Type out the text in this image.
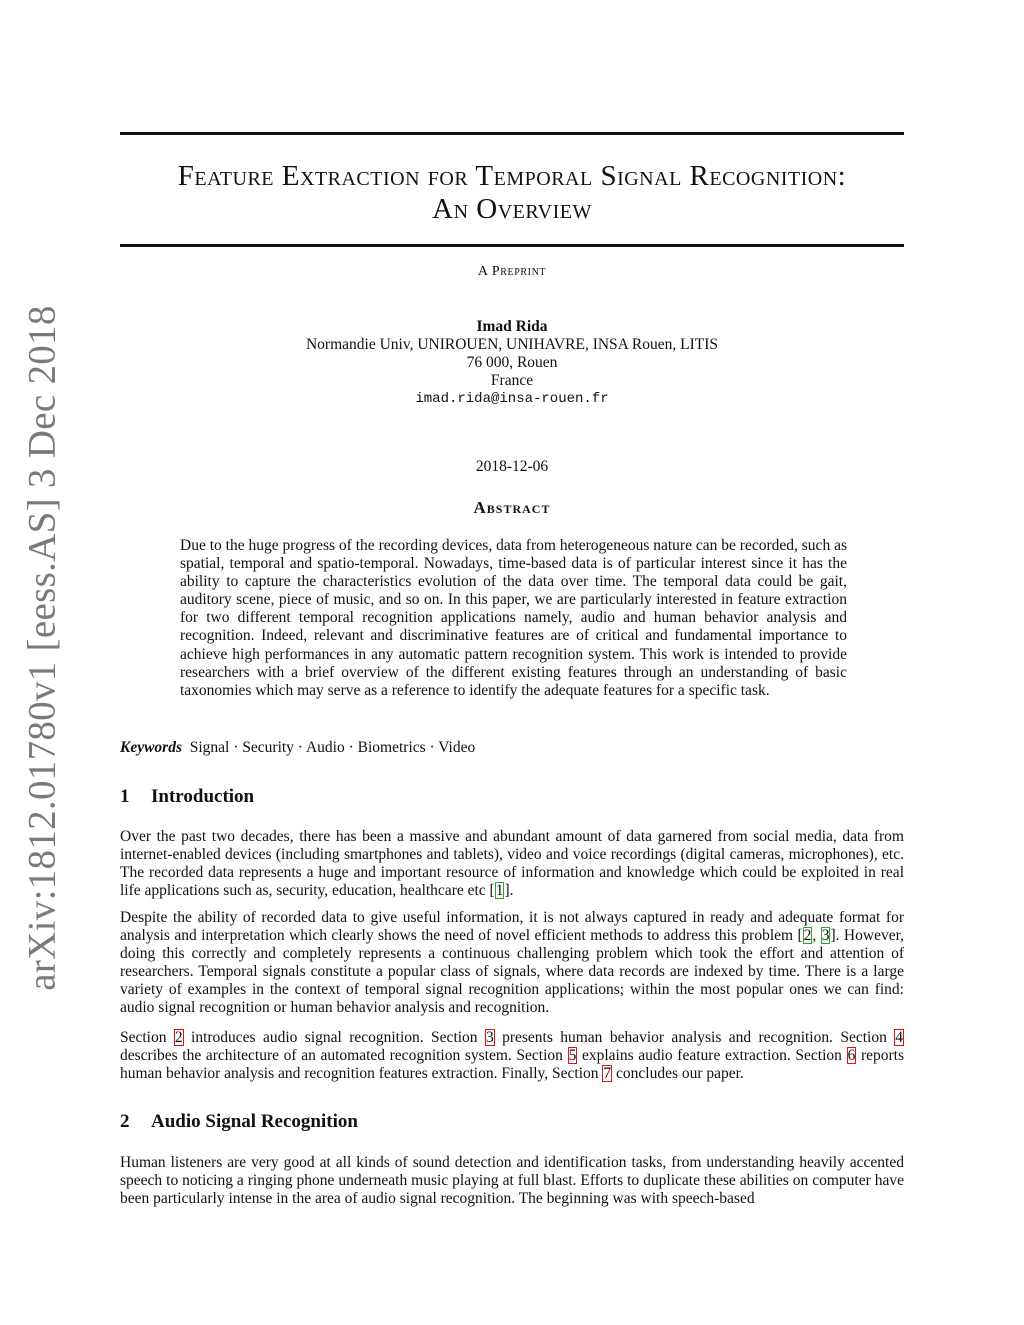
arXiv:1812.01780v1 [eess.AS] 3 Dec 2018
Feature Extraction for Temporal Signal Recognition:
An Overview
A Preprint
Imad Rida
Normandie Univ, UNIROUEN, UNIHAVRE, INSA Rouen, LITIS
76 000, Rouen
France
imad.rida@insa-rouen.fr
2018-12-06
Abstract
Due to the huge progress of the recording devices, data from heterogeneous nature can be recorded, such as spatial, temporal and spatio-temporal. Nowadays, time-based data is of particular interest since it has the ability to capture the characteristics evolution of the data over time. The temporal data could be gait, auditory scene, piece of music, and so on. In this paper, we are particularly interested in feature extraction for two different temporal recognition applications namely, audio and human behavior analysis and recognition. Indeed, relevant and discriminative features are of critical and fundamental importance to achieve high performances in any automatic pattern recognition system. This work is intended to provide researchers with a brief overview of the different existing features through an understanding of basic taxonomies which may serve as a reference to identify the adequate features for a specific task.
Keywords Signal · Security · Audio · Biometrics · Video
1 Introduction

Over the past two decades, there has been a massive and abundant amount of data garnered from social media, data from internet-enabled devices (including smartphones and tablets), video and voice recordings (digital cameras, microphones), etc. The recorded data represents a huge and important resource of information and knowledge which could be exploited in real life applications such as, security, education, healthcare etc [1].

Despite the ability of recorded data to give useful information, it is not always captured in ready and adequate format for analysis and interpretation which clearly shows the need of novel efficient methods to address this problem [2, 3]. However, doing this correctly and completely represents a continuous challenging problem which took the effort and attention of researchers. Temporal signals constitute a popular class of signals, where data records are indexed by time. There is a large variety of examples in the context of temporal signal recognition applications; within the most popular ones we can find: audio signal recognition or human behavior analysis and recognition.

Section 2 introduces audio signal recognition. Section 3 presents human behavior analysis and recognition. Section 4 describes the architecture of an automated recognition system. Section 5 explains audio feature extraction. Section 6 reports human behavior analysis and recognition features extraction. Finally, Section 7 concludes our paper.

2 Audio Signal Recognition

Human listeners are very good at all kinds of sound detection and identification tasks, from understanding heavily accented speech to noticing a ringing phone underneath music playing at full blast. Efforts to duplicate these abilities on computer have been particularly intense in the area of audio signal recognition. The beginning was with speech-based
